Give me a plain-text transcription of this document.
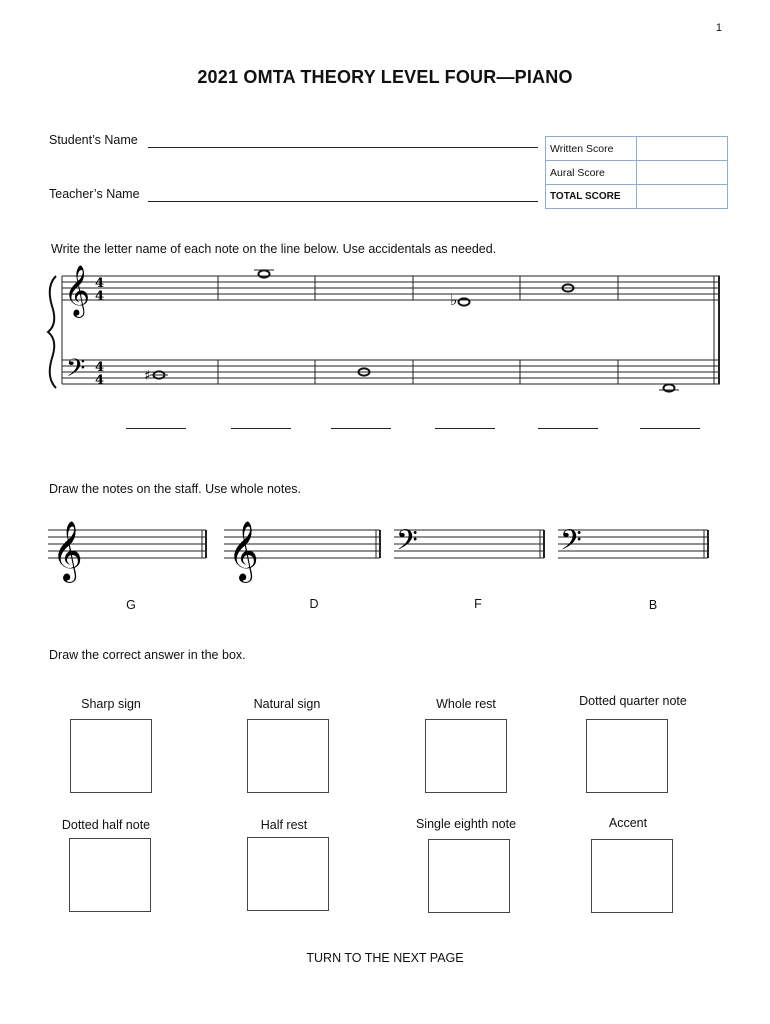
1
2021 OMTA THEORY LEVEL FOUR—PIANO
Student’s Name
Teacher’s Name
Written Score	
Aural Score	
TOTAL SCORE	
Write the letter name of each note on the line below. Use accidentals as needed.
𝄞
𝄢
4
4
4
4	♯
♭
Draw the notes on the staff. Use whole notes.
𝄞	𝄞	𝄢	𝄢
G	D	F	B
Draw the correct answer in the box.
Sharp sign	Natural sign	Whole rest	Dotted quarter note
Dotted half note	Half rest	Single eighth note	Accent
TURN TO THE NEXT PAGE
